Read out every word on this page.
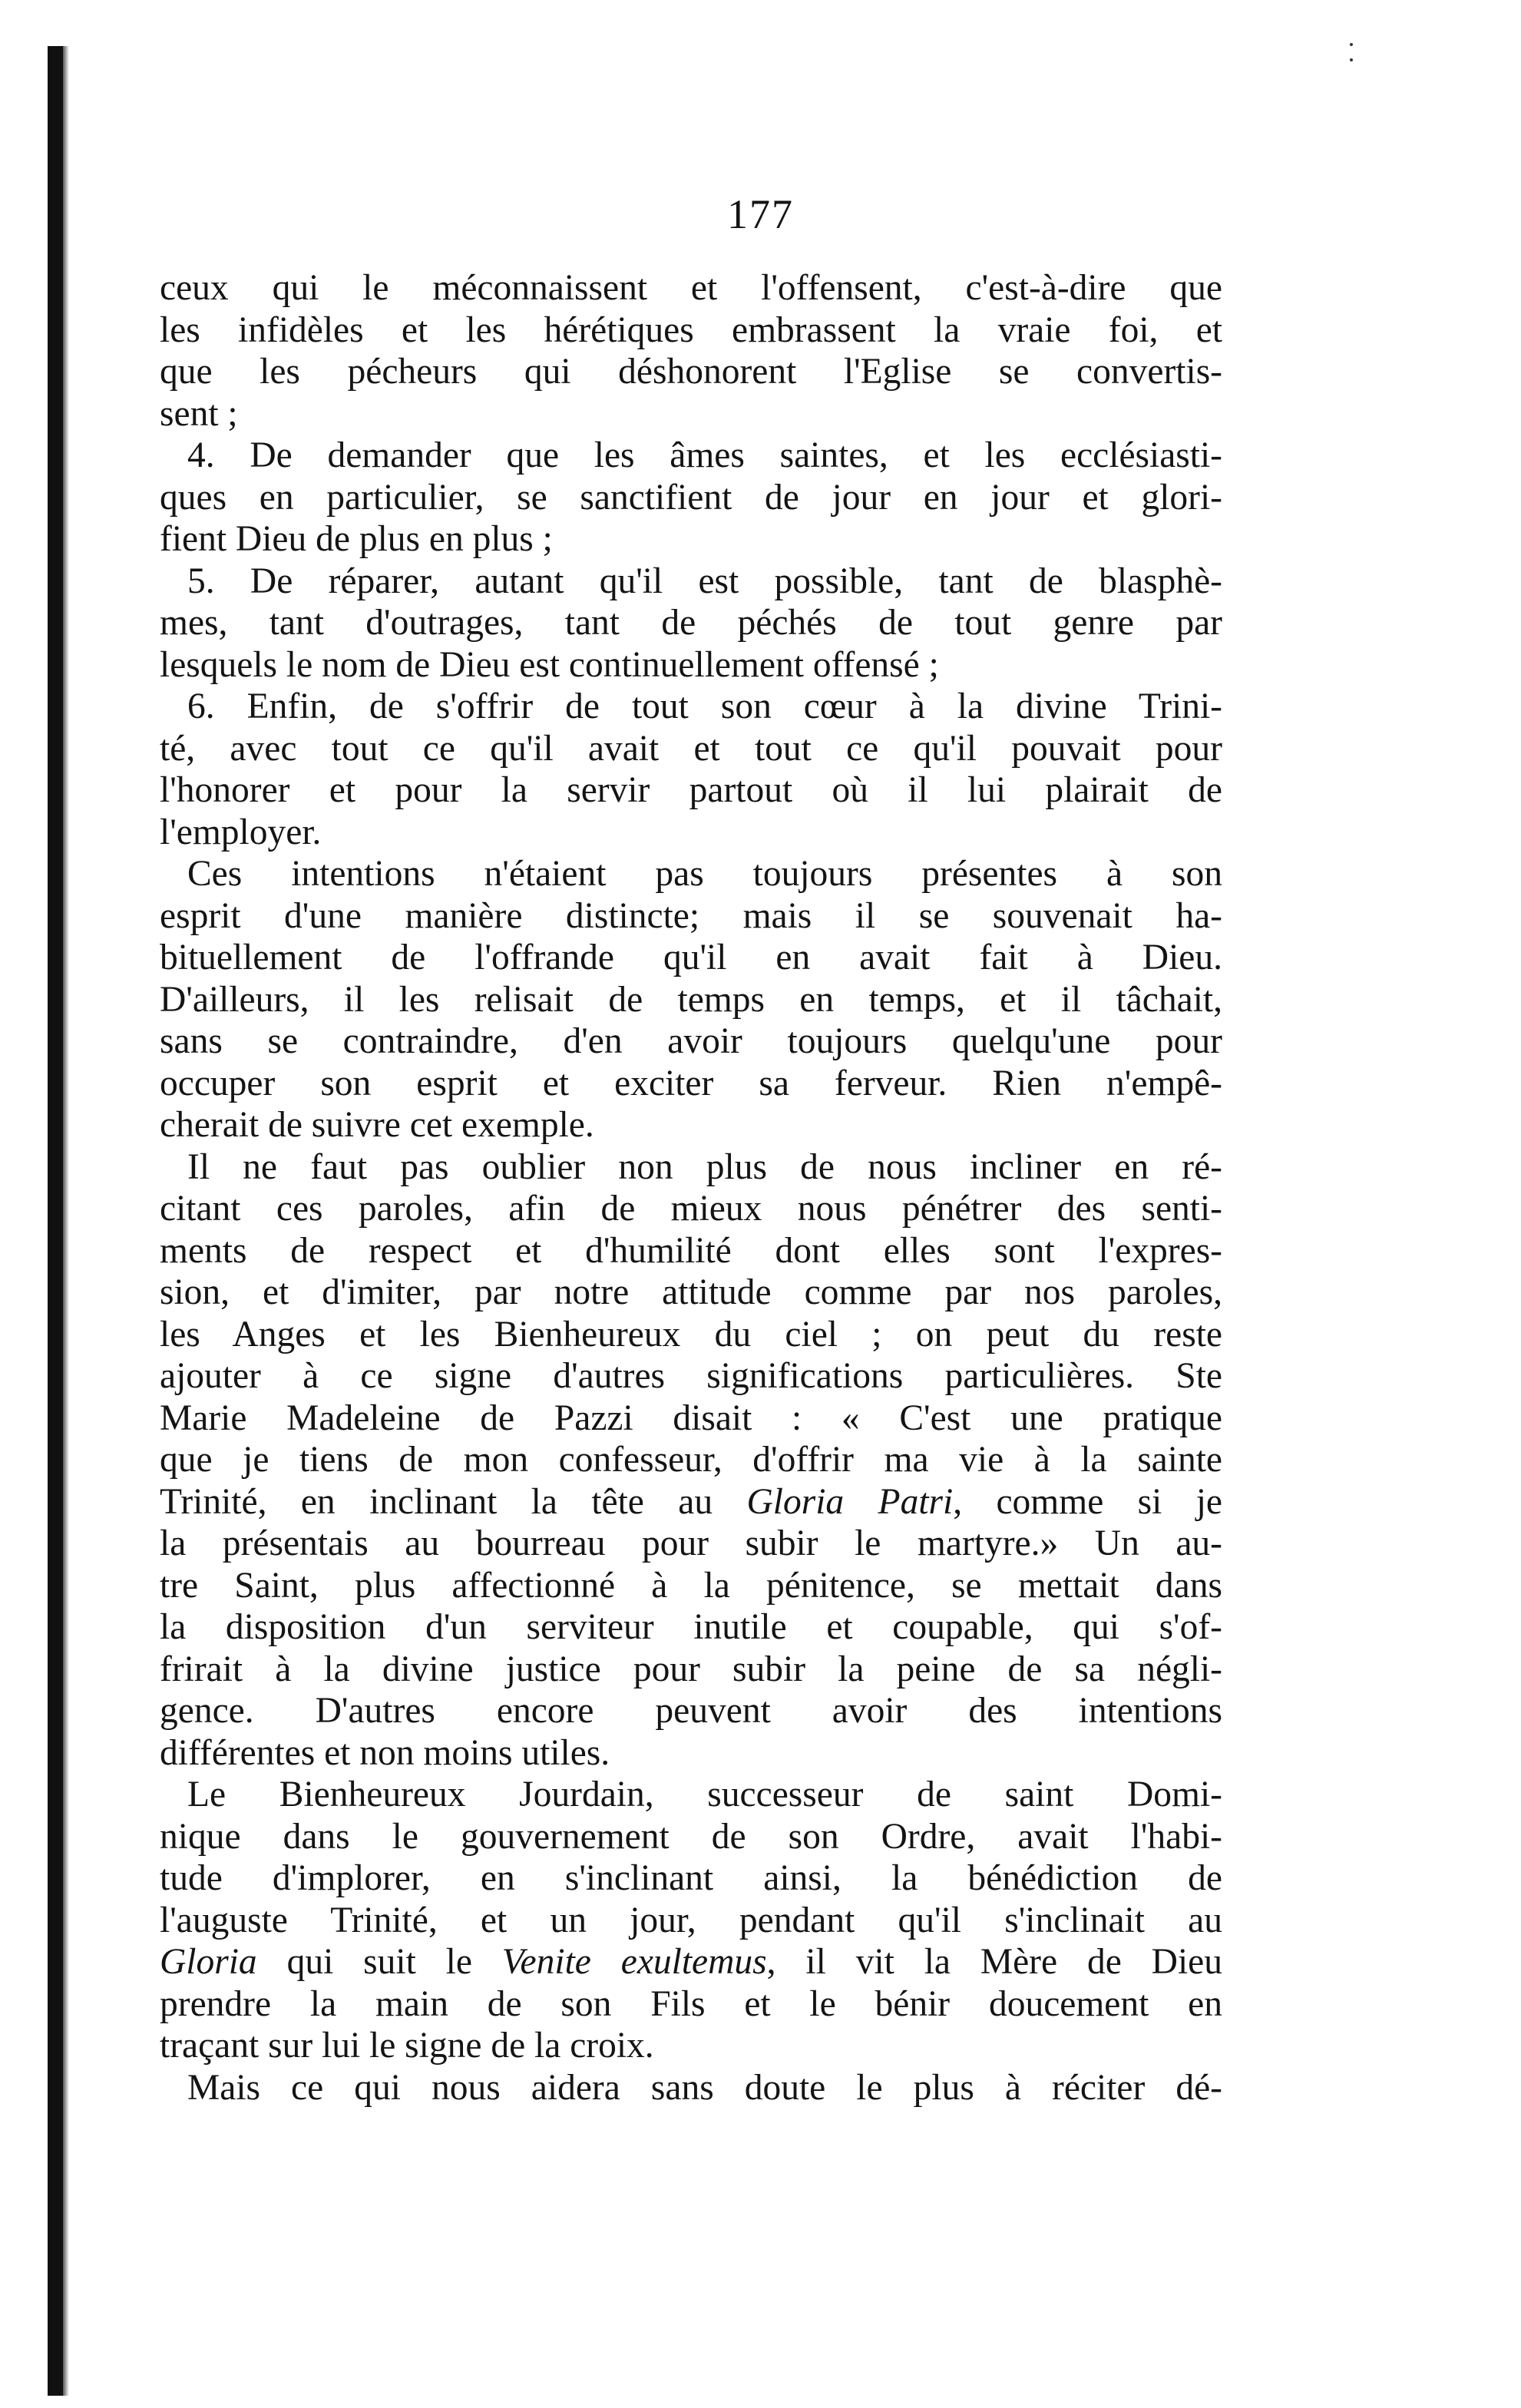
177
ceux qui le méconnaissent et l'offensent, c'est-à-dire que
les infidèles et les hérétiques embrassent la vraie foi, et
que les pécheurs qui déshonorent l'Eglise se convertis-
sent ;
4. De demander que les âmes saintes, et les ecclésiasti-
ques en particulier, se sanctifient de jour en jour et glori-
fient Dieu de plus en plus ;
5. De réparer, autant qu'il est possible, tant de blasphè-
mes, tant d'outrages, tant de péchés de tout genre par
lesquels le nom de Dieu est continuellement offensé ;
6. Enfin, de s'offrir de tout son cœur à la divine Trini-
té, avec tout ce qu'il avait et tout ce qu'il pouvait pour
l'honorer et pour la servir partout où il lui plairait de
l'employer.
Ces intentions n'étaient pas toujours présentes à son
esprit d'une manière distincte; mais il se souvenait ha-
bituellement de l'offrande qu'il en avait fait à Dieu.
D'ailleurs, il les relisait de temps en temps, et il tâchait,
sans se contraindre, d'en avoir toujours quelqu'une pour
occuper son esprit et exciter sa ferveur. Rien n'empê-
cherait de suivre cet exemple.
Il ne faut pas oublier non plus de nous incliner en ré-
citant ces paroles, afin de mieux nous pénétrer des senti-
ments de respect et d'humilité dont elles sont l'expres-
sion, et d'imiter, par notre attitude comme par nos paroles,
les Anges et les Bienheureux du ciel ; on peut du reste
ajouter à ce signe d'autres significations particulières. Ste
Marie Madeleine de Pazzi disait : « C'est une pratique
que je tiens de mon confesseur, d'offrir ma vie à la sainte
Trinité, en inclinant la tête au Gloria Patri, comme si je
la présentais au bourreau pour subir le martyre.» Un au-
tre Saint, plus affectionné à la pénitence, se mettait dans
la disposition d'un serviteur inutile et coupable, qui s'of-
frirait à la divine justice pour subir la peine de sa négli-
gence. D'autres encore peuvent avoir des intentions
différentes et non moins utiles.
Le Bienheureux Jourdain, successeur de saint Domi-
nique dans le gouvernement de son Ordre, avait l'habi-
tude d'implorer, en s'inclinant ainsi, la bénédiction de
l'auguste Trinité, et un jour, pendant qu'il s'inclinait au
Gloria qui suit le Venite exultemus, il vit la Mère de Dieu
prendre la main de son Fils et le bénir doucement en
traçant sur lui le signe de la croix.
Mais ce qui nous aidera sans doute le plus à réciter dé-
